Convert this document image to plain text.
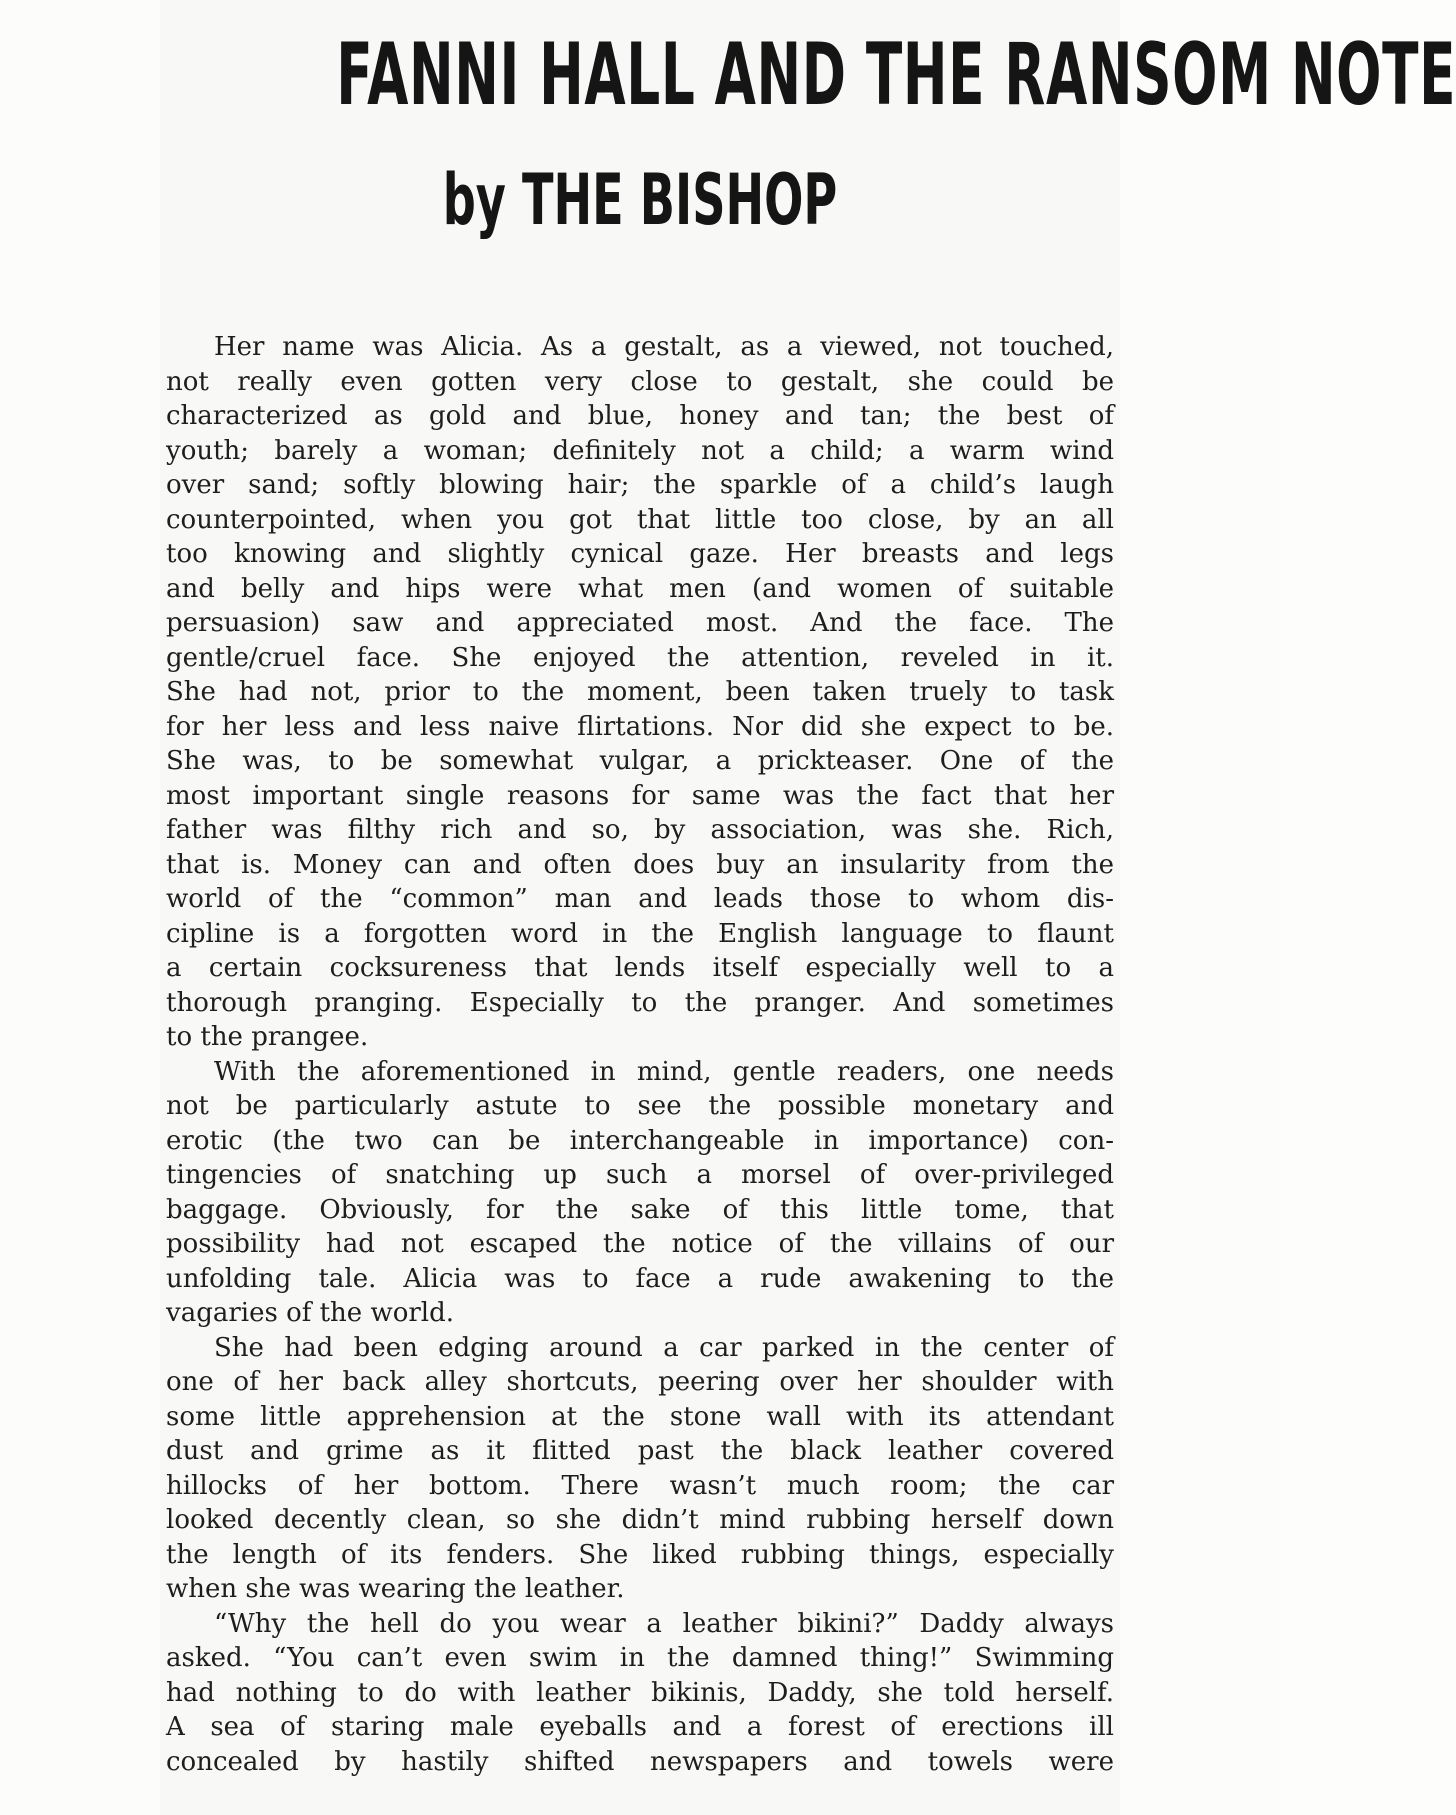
FANNI HALL AND THE RANSOM NOTE
by THE BISHOP
Her name was Alicia. As a gestalt, as a viewed, not touched,
not really even gotten very close to gestalt, she could be
characterized as gold and blue, honey and tan; the best of
youth; barely a woman; definitely not a child; a warm wind
over sand; softly blowing hair; the sparkle of a child’s laugh
counterpointed, when you got that little too close, by an all
too knowing and slightly cynical gaze. Her breasts and legs
and belly and hips were what men (and women of suitable
persuasion) saw and appreciated most. And the face. The
gentle/cruel face. She enjoyed the attention, reveled in it.
She had not, prior to the moment, been taken truely to task
for her less and less naive flirtations. Nor did she expect to be.
She was, to be somewhat vulgar, a prickteaser. One of the
most important single reasons for same was the fact that her
father was filthy rich and so, by association, was she. Rich,
that is. Money can and often does buy an insularity from the
world of the “common” man and leads those to whom dis-
cipline is a forgotten word in the English language to flaunt
a certain cocksureness that lends itself especially well to a
thorough pranging. Especially to the pranger. And sometimes
to the prangee.
With the aforementioned in mind, gentle readers, one needs
not be particularly astute to see the possible monetary and
erotic (the two can be interchangeable in importance) con-
tingencies of snatching up such a morsel of over-privileged
baggage. Obviously, for the sake of this little tome, that
possibility had not escaped the notice of the villains of our
unfolding tale. Alicia was to face a rude awakening to the
vagaries of the world.
She had been edging around a car parked in the center of
one of her back alley shortcuts, peering over her shoulder with
some little apprehension at the stone wall with its attendant
dust and grime as it flitted past the black leather covered
hillocks of her bottom. There wasn’t much room; the car
looked decently clean, so she didn’t mind rubbing herself down
the length of its fenders. She liked rubbing things, especially
when she was wearing the leather.
“Why the hell do you wear a leather bikini?” Daddy always
asked. “You can’t even swim in the damned thing!” Swimming
had nothing to do with leather bikinis, Daddy, she told herself.
A sea of staring male eyeballs and a forest of erections ill
concealed by hastily shifted newspapers and towels were
